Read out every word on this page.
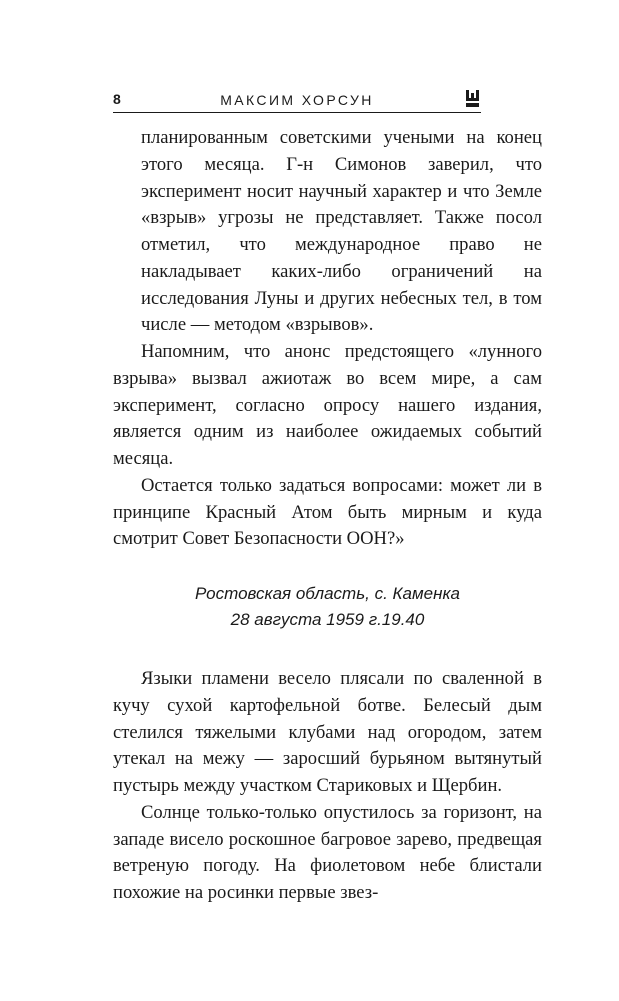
8	МАКСИМ ХОРСУН

планированным советскими учеными на конец этого месяца. Г-н Симонов заверил, что эксперимент носит научный характер и что Земле «взрыв» угрозы не представляет. Также посол отметил, что международное право не накладывает каких-либо ограничений на исследования Луны и других небесных тел, в том числе — методом «взрывов».

Напомним, что анонс предстоящего «лунного взрыва» вызвал ажиотаж во всем мире, а сам эксперимент, согласно опросу нашего издания, является одним из наиболее ожидаемых событий месяца.

Остается только задаться вопросами: может ли в принципе Красный Атом быть мирным и куда смотрит Совет Безопасности ООН?»

Ростовская область, с. Каменка
28 августа 1959 г.19.40

Языки пламени весело плясали по сваленной в кучу сухой картофельной ботве. Белесый дым стелился тяжелыми клубами над огородом, затем утекал на межу — заросший бурьяном вытянутый пустырь между участком Стариковых и Щербин.

Солнце только-только опустилось за горизонт, на западе висело роскошное багровое зарево, предвещая ветреную погоду. На фиолетовом небе блистали похожие на росинки первые звез-
